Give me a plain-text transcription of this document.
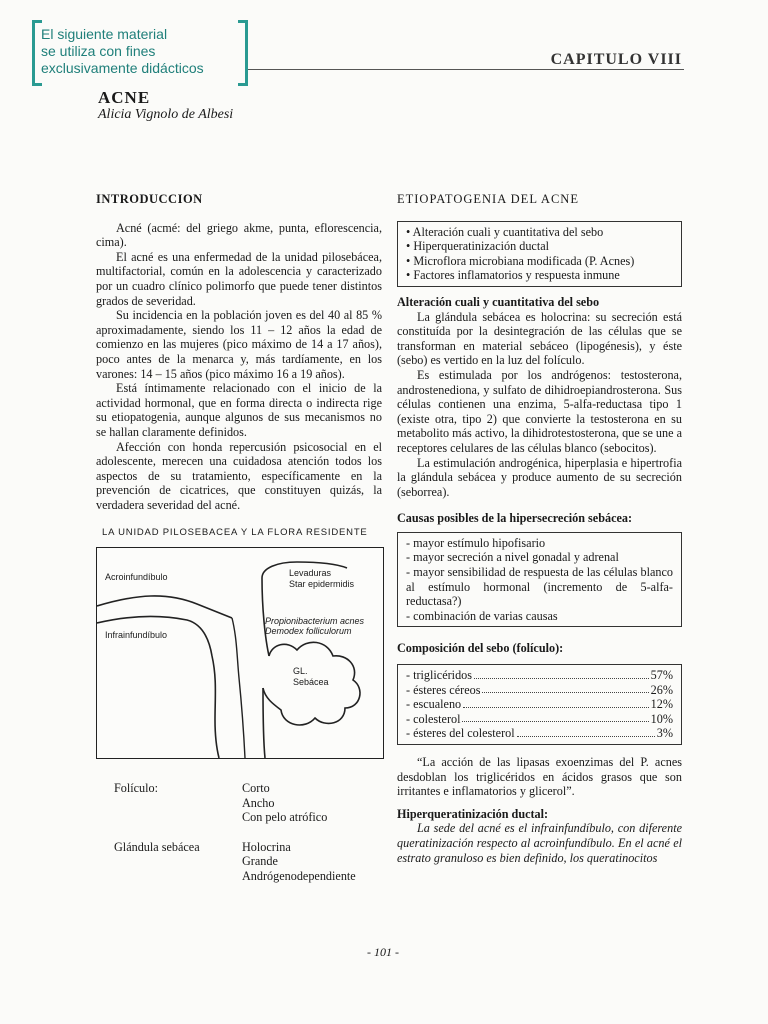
El siguiente material
se utiliza con fines
exclusivamente didácticos	CAPITULO VIII
ACNE
Alicia Vignolo de Albesi
INTRODUCCION

Acné (acmé: del griego akme, punta, eflorescencia, cima).

El acné es una enfermedad de la unidad pilosebácea, multifactorial, común en la adolescencia y caracterizado por un cuadro clínico polimorfo que puede tener distintos grados de severidad.

Su incidencia en la población joven es del 40 al 85 % aproximadamente, siendo los 11 – 12 años la edad de comienzo en las mujeres (pico máximo de 14 a 17 años), poco antes de la menarca y, más tardíamente, en los varones: 14 – 15 años (pico máximo 16 a 19 años).

Está íntimamente relacionado con el inicio de la actividad hormonal, que en forma directa o indirecta rige su etiopatogenia, aunque algunos de sus mecanismos no se hallan claramente definidos.

Afección con honda repercusión psicosocial en el adolescente, merecen una cuidadosa atención todos los aspectos de su tratamiento, específicamente en la prevención de cicatrices, que constituyen quizás, la verdadera severidad del acné.

LA UNIDAD PILOSEBACEA Y LA FLORA RESIDENTE
Acroinfundíbulo
Infrainfundíbulo
Levaduras
Star epidermidis
Propionibacterium acnes
Demodex folliculorum
GL.
Sebácea
Folículo:	Corto
Ancho
Con pelo atrófico
Glándula sebácea	Holocrina
Grande
Andrógenodependiente
ETIOPATOGENIA DEL ACNE
• Alteración cuali y cuantitativa del sebo
• Hiperqueratinización ductal
• Microflora microbiana modificada (P. Acnes)
• Factores inflamatorios y respuesta inmune
Alteración cuali y cuantitativa del sebo

La glándula sebácea es holocrina: su secreción está constituída por la desintegración de las células que se transforman en material sebáceo (lipogénesis), y éste (sebo) es vertido en la luz del folículo.

Es estimulada por los andrógenos: testosterona, androstenediona, y sulfato de dihidroepiandrosterona. Sus células contienen una enzima, 5-alfa-reductasa tipo 1 (existe otra, tipo 2) que convierte la testosterona en su metabolito más activo, la dihidrotestosterona, que se une a receptores celulares de las células blanco (sebocitos).

La estimulación androgénica, hiperplasia e hipertrofia la glándula sebácea y produce aumento de su secreción (seborrea).

Causas posibles de la hipersecreción sebácea:
- mayor estímulo hipofisario
- mayor secreción a nivel gonadal y adrenal
- mayor sensibilidad de respuesta de las células blanco al estímulo hormonal (incremento de 5-alfa-reductasa?)
- combinación de varias causas
Composición del sebo (folículo):
- triglicéridos	57%
- ésteres céreos	26%
- escualeno	12%
- colesterol	10%
- ésteres del colesterol	3%

“La acción de las lipasas exoenzimas del P. acnes desdoblan los triglicéridos en ácidos grasos que son irritantes e inflamatorios y glicerol”.

Hiperqueratinización ductal:

La sede del acné es el infrainfundíbulo, con diferente queratinización respecto al acroinfundíbulo. En el acné el estrato granuloso es bien definido, los queratinocitos

- 101 -
